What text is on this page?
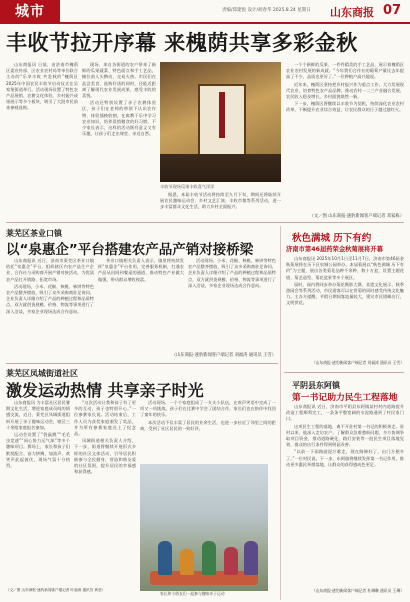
城市	责编/郑建悦 设计/胡春华 2025.8.24 星期日 山东商报 07
丰收节拉开序幕 来槐荫共享多彩金秋

山东商报讯 日前，由济南市槐荫区委宣传部、区农业农村局等单位联合主办的“乐享丰收 共赴秋约”槐荫区2025年中国农民丰收节启动仪式在吴家堡街道举行。活动现场设置了特色农产品展销、农耕文化体验、乡村振兴成果展示等多个板块，吸引了大批市民前来参观选购。

现场，来自各街道的农户带来了新鲜的瓜果蔬菜、特色面点和手工艺品，摊位前人头攒动，交易火热。市民们在品尝美食、选购好货的同时，还能近距离了解现代农业发展成果，感受丰收的喜悦。

活动还特别设置了亲子农耕体验区，孩子们在老师的带领下认识农作物、体验插秧收割，在寓教于乐中学习农业知识，培养爱惜粮食的好习惯。不少家长表示，这样的活动既有意义又有乐趣，让孩子们走出课堂、亲近自然。

丰收节现场瓜果丰收喜气洋洋

据悉，本届丰收节活动将持续至九月下旬，期间还将陆续开展农民趣味运动会、乡村文艺汇演、丰收市集等系列活动，进一步丰富群众文化生活，助力乡村全面振兴。

一个个新鲜的瓜果、一件件精美的手工艺品，展示着槐荫区农业农村发展的新成就。“今年我们合作社的葡萄产量比去年提高了不少，品质也更好了。”一位种植户高兴地说。

近年来，槐荫区坚持把乡村振兴作为重点工作，大力发展现代农业，培育特色农产品品牌，推动农村一二三产业融合发展，农民收入稳步增长，乡村面貌焕然一新。

下一步，槐荫区将继续以丰收节为契机，持续深化农业农村改革，不断提升农业综合效益，让农民群众的日子越过越红火。

（文／图 山东商报·速豹新闻客户端记者 邓家栋）
莱芜区茶业口镇
以“泉惠企”平台搭建农产品产销对接桥梁

山东商报讯 近日，济南市莱芜区茶业口镇依托“泉惠企”平台，组织辖区内农产品生产企业、合作社与采购商开展产销对接活动，为优质农产品打开销路、拓宽市场。

活动现场，小米、花椒、核桃、柿饼等特色农产品整齐摆放，吸引了众多采购商驻足询问。企业负责人详细介绍了产品的种植过程和品质特点，双方就供货规模、价格、物流等事项进行了深入洽谈，多家企业现场达成合作意向。

茶业口镇相关负责人表示，镇里将持续发挥“泉惠企”平台作用，完善服务机制，打通农产品从田间到餐桌的通道，推动特色产业做大做强，带动群众增收致富。

活动现场，小米、花椒、核桃、柿饼等特色农产品整齐摆放，吸引了众多采购商驻足询问。企业负责人详细介绍了产品的种植过程和品质特点，双方就供货规模、价格、物流等事项进行了深入洽谈，多家企业现场达成合作意向。

（山东商报·速豹新闻客户端记者 刘福涛 通讯员 王雪）
莱芜区凤城街道社区
激发运动热情 共享亲子时光

山东商报讯 为丰富社区居民暑期文化生活，增进家庭成员间的情感交流，近日，莱芜区凤城街道组织开展了亲子趣味运动会，辖区三十余组家庭报名参加。

运动会设置了“袋鼠跳”“毛毛虫竞速”“同心协力运气球”等多个趣味项目。赛场上，家长和孩子们默契配合、奋力拼搏，加油声、欢笑声此起彼伏，现场气氛十分热烈。

“这次活动让我和孩子有了更多的互动，孩子也特别开心。”一位参赛家长说。活动结束后，工作人员为获奖家庭颁发了奖品，并为所有参赛家庭送上了纪念品。

凤城街道相关负责人介绍，下一步，街道将继续开展形式多样的社区文体活动，引导居民积极参与全民健身，营造和谐友爱的社区氛围，提升居民的幸福感和获得感。

活动现场，一个个家庭组成了一支支小队伍，在欢声笑语中完成了一项又一项挑战。孩子们在比赛中学会了团结合作，家长们也在陪伴中找回了童年的快乐。

本次活动不仅丰富了居民的业余生活，也进一步拉近了邻里之间的距离，受到了社区居民的一致好评。

家长和小朋友们一起参与趣味亲子运动
（文／图 山东商报·速豹新闻客户端记者 叶福涛 通讯员 黄莹）
秋色满城 历下有约
济南市第46届药荣金秋菊展将开幕

山东商报讯 2025年10月1日至11月7日，济南市第46届金秋菊展将在历下区泉城公园举办。本届菊展以“秋色满城 历下有约”为主题，展出各类菊花品种千余种、数十万盆，设置主题花境、菊艺造型、菊花盆景等多个展区。

届时，园内将同步举办菊花摄影大赛、非遗文化展示、秋季游园会等系列活动，市民游客可以在赏菊的同时感受传统文化魅力。主办方提醒，节假日期间客流量较大，建议市民错峰出行，文明赏花。

（山东商报·速豹新闻客户端记者 刘福涛 通讯员 王雪）
平阴县东阿镇
第一书记助力民生工程落地

山东商报讯 近日，济南市平阴县东阿镇某村村内道路提升改造工程顺利完工，一条条平整宽阔的水泥路通到了村民家门口。

这项民生工程的落地，离不开驻村第一书记的积极奔走。驻村以来，他深入走访农户，了解群众急难愁盼问题，多方协调争取项目资金，推动道路硬化、路灯安装等一批民生项目落地见效，群众的出行条件得到明显改善。

“以前一下雨路就泥泞难走，现在路修好了，出门方便多了。”一位村民说。下一步，东阿镇将继续发挥第一书记作用，推动更多惠民举措落地，让群众的获得感成色更足。

（山东商报·速豹新闻客户端记者 杜琳琳 通讯员 王琳）
